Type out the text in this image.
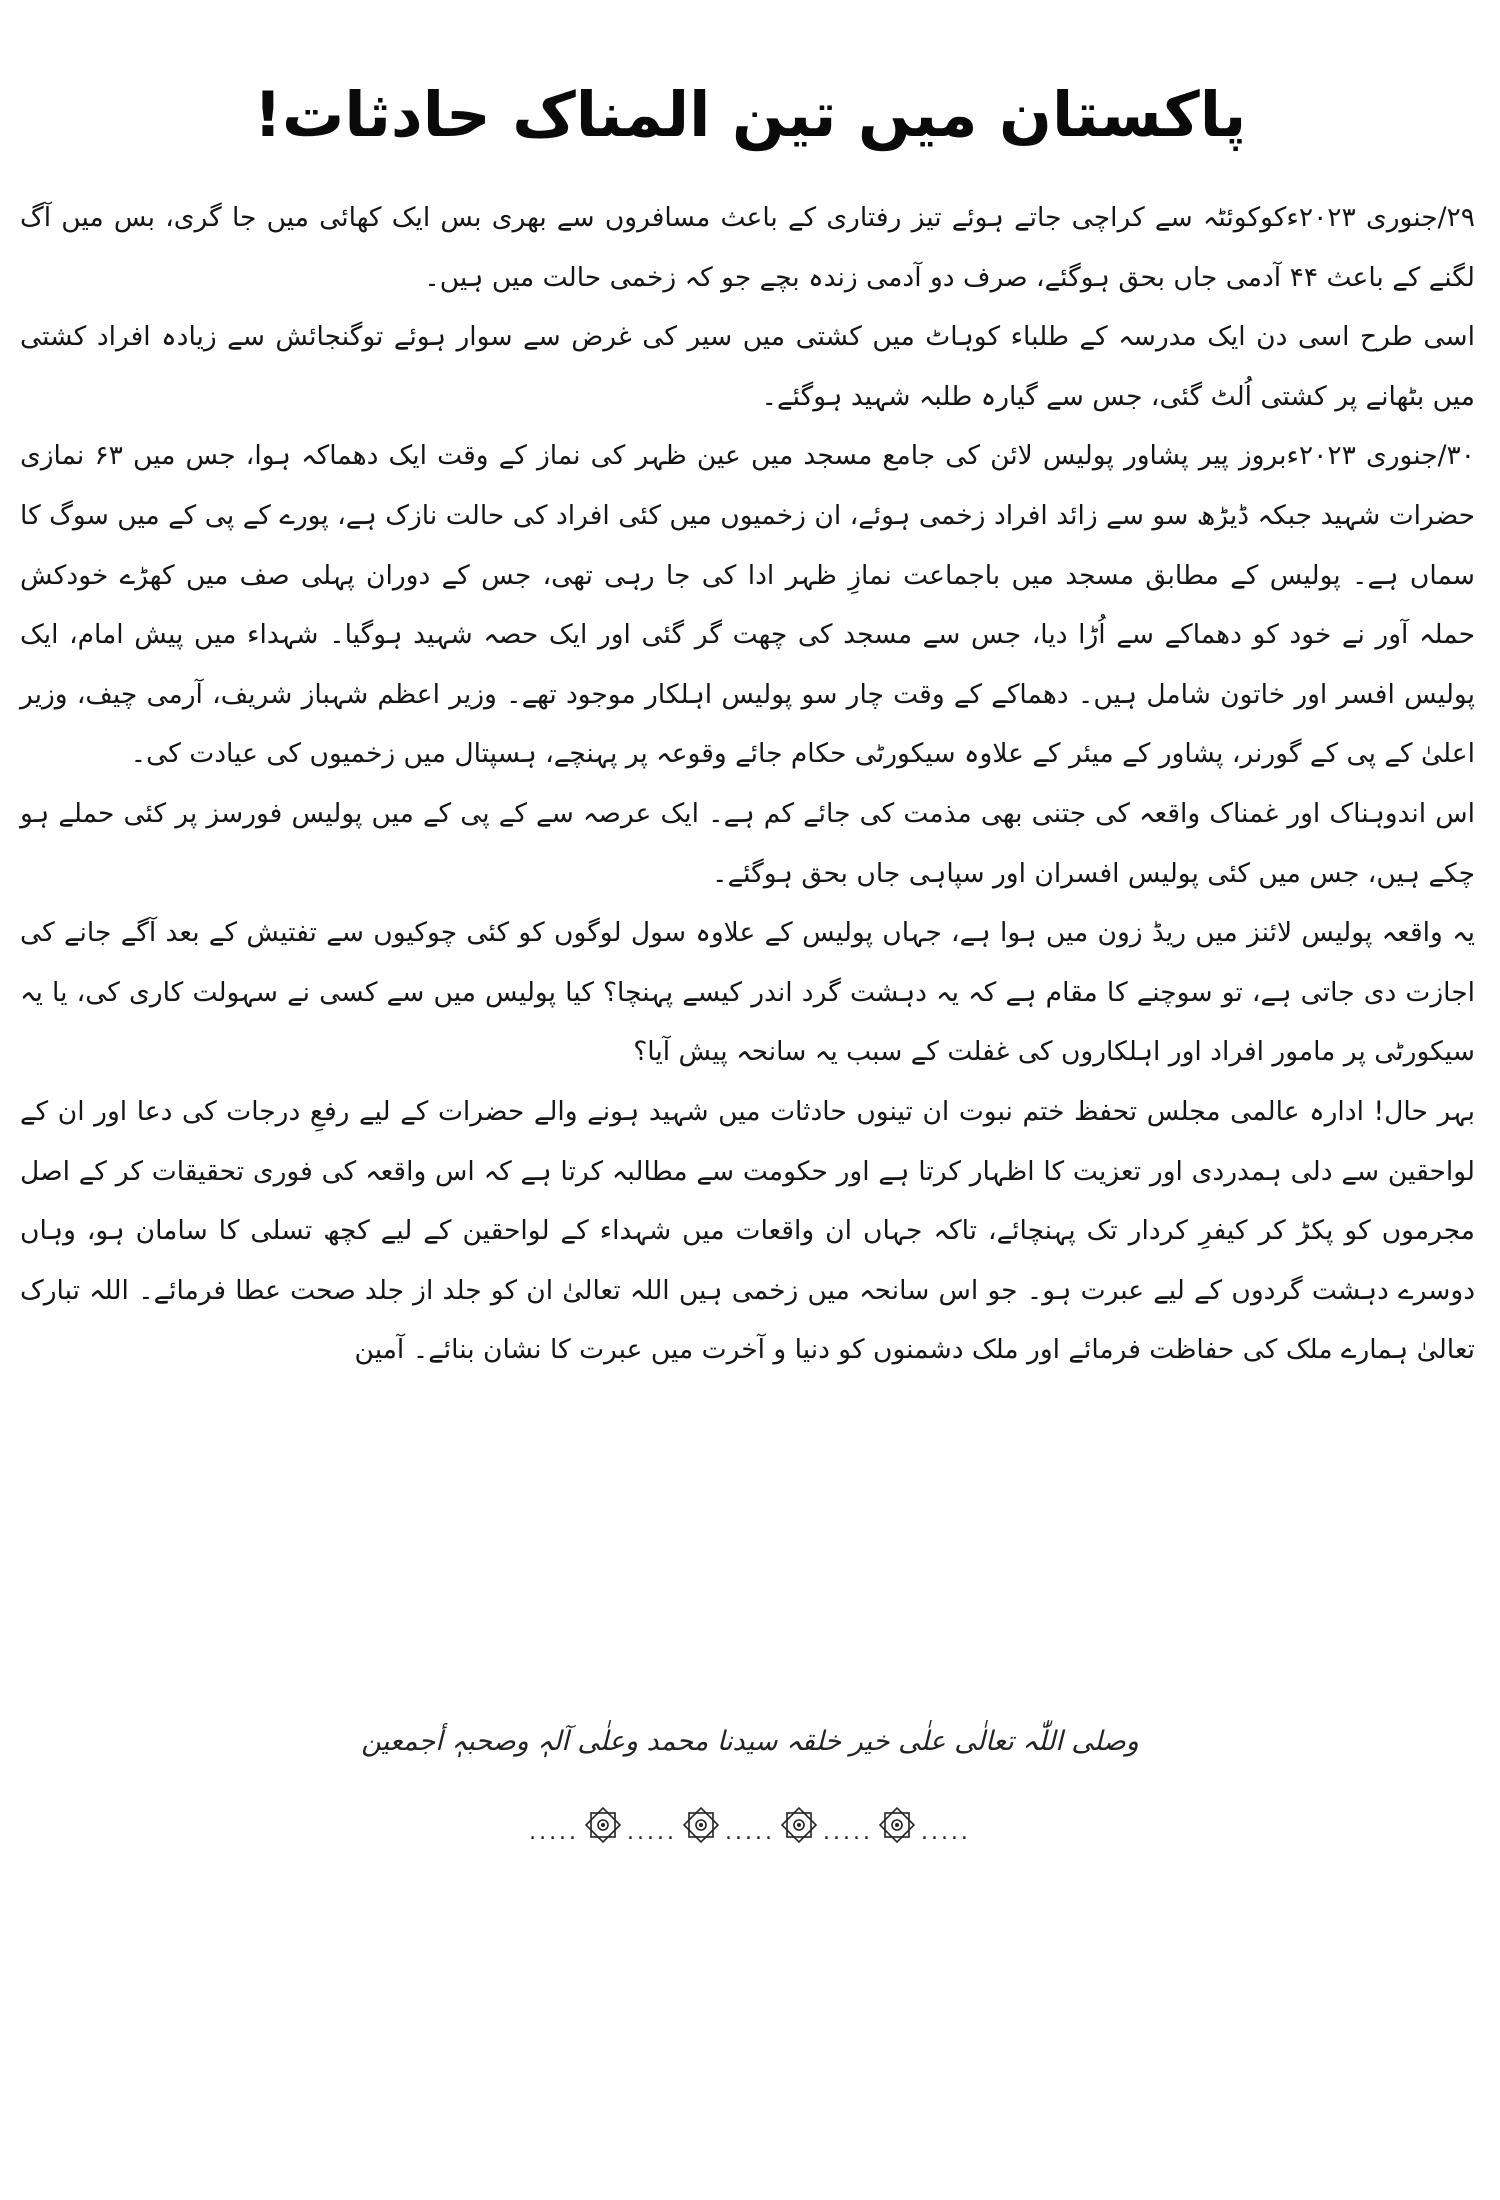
پاکستان میں تین المناک حادثات!

۲۹/جنوری ۲۰۲۳ءکوکوئٹہ سے کراچی جاتے ہوئے تیز رفتاری کے باعث مسافروں سے بھری بس ایک کھائی میں جا گری، بس میں آگ لگنے کے باعث ۴۴ آدمی جاں بحق ہوگئے، صرف دو آدمی زندہ بچے جو کہ زخمی حالت میں ہیں۔

اسی طرح اسی دن ایک مدرسہ کے طلباء کوہاٹ میں کشتی میں سیر کی غرض سے سوار ہوئے توگنجائش سے زیادہ افراد کشتی میں بٹھانے پر کشتی اُلٹ گئی، جس سے گیارہ طلبہ شہید ہوگئے۔

۳۰/جنوری ۲۰۲۳ءبروز پیر پشاور پولیس لائن کی جامع مسجد میں عین ظہر کی نماز کے وقت ایک دھماکہ ہوا، جس میں ۶۳ نمازی حضرات شہید جبکہ ڈیڑھ سو سے زائد افراد زخمی ہوئے، ان زخمیوں میں کئی افراد کی حالت نازک ہے، پورے کے پی کے میں سوگ کا سماں ہے۔ پولیس کے مطابق مسجد میں باجماعت نمازِ ظہر ادا کی جا رہی تھی، جس کے دوران پہلی صف میں کھڑے خودکش حملہ آور نے خود کو دھماکے سے اُڑا دیا، جس سے مسجد کی چھت گر گئی اور ایک حصہ شہید ہوگیا۔ شہداء میں پیش امام، ایک پولیس افسر اور خاتون شامل ہیں۔ دھماکے کے وقت چار سو پولیس اہلکار موجود تھے۔ وزیر اعظم شہباز شریف، آرمی چیف، وزیر اعلیٰ کے پی کے گورنر، پشاور کے میئر کے علاوہ سیکورٹی حکام جائے وقوعہ پر پہنچے، ہسپتال میں زخمیوں کی عیادت کی۔

اس اندوہناک اور غمناک واقعہ کی جتنی بھی مذمت کی جائے کم ہے۔ ایک عرصہ سے کے پی کے میں پولیس فورسز پر کئی حملے ہو چکے ہیں، جس میں کئی پولیس افسران اور سپاہی جاں بحق ہوگئے۔

یہ واقعہ پولیس لائنز میں ریڈ زون میں ہوا ہے، جہاں پولیس کے علاوہ سول لوگوں کو کئی چوکیوں سے تفتیش کے بعد آگے جانے کی اجازت دی جاتی ہے، تو سوچنے کا مقام ہے کہ یہ دہشت گرد اندر کیسے پہنچا؟ کیا پولیس میں سے کسی نے سہولت کاری کی، یا یہ سیکورٹی پر مامور افراد اور اہلکاروں کی غفلت کے سبب یہ سانحہ پیش آیا؟

بہر حال! ادارہ عالمی مجلس تحفظ ختم نبوت ان تینوں حادثات میں شہید ہونے والے حضرات کے لیے رفعِ درجات کی دعا اور ان کے لواحقین سے دلی ہمدردی اور تعزیت کا اظہار کرتا ہے اور حکومت سے مطالبہ کرتا ہے کہ اس واقعہ کی فوری تحقیقات کر کے اصل مجرموں کو پکڑ کر کیفرِ کردار تک پہنچائے، تاکہ جہاں ان واقعات میں شہداء کے لواحقین کے لیے کچھ تسلی کا سامان ہو، وہاں دوسرے دہشت گردوں کے لیے عبرت ہو۔ جو اس سانحہ میں زخمی ہیں اللہ تعالیٰ ان کو جلد از جلد صحت عطا فرمائے۔ اللہ تبارک تعالیٰ ہمارے ملک کی حفاظت فرمائے اور ملک دشمنوں کو دنیا و آخرت میں عبرت کا نشان بنائے۔ آمین

وصلی اللّٰہ تعالٰی علٰی خیر خلقہ سیدنا محمد وعلٰی آلہٖ وصحبہٖ أجمعین
..... ..... ..... ..... .....
